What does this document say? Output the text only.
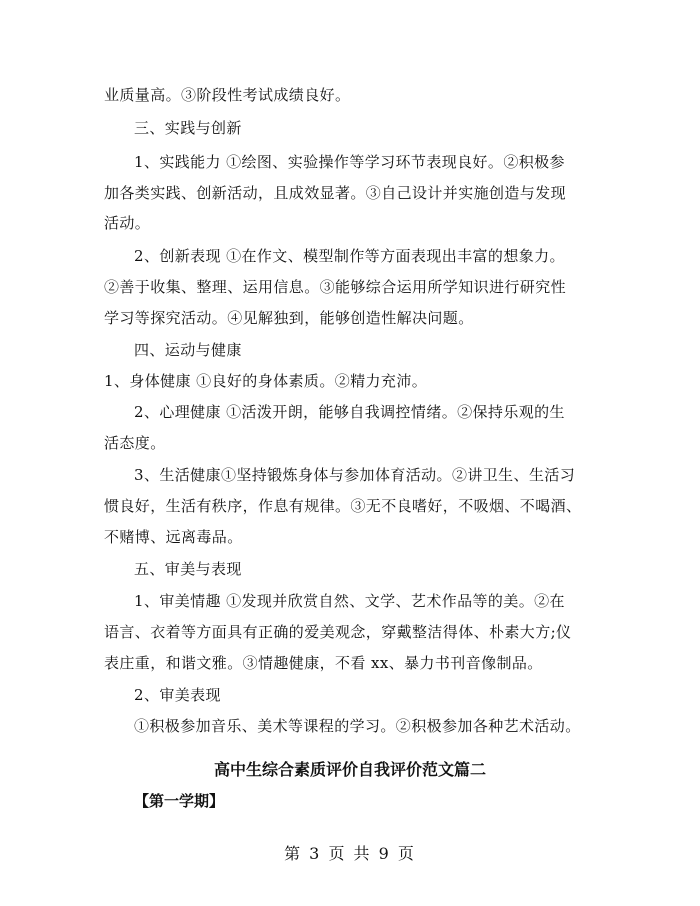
业质量高。③阶段性考试成绩良好。
三、实践与创新
1、实践能力 ①绘图、实验操作等学习环节表现良好。②积极参
加各类实践、创新活动，且成效显著。③自己设计并实施创造与发现
活动。
2、创新表现 ①在作文、模型制作等方面表现出丰富的想象力。
②善于收集、整理、运用信息。③能够综合运用所学知识进行研究性
学习等探究活动。④见解独到，能够创造性解决问题。
四、运动与健康
1、身体健康 ①良好的身体素质。②精力充沛。
2、心理健康 ①活泼开朗，能够自我调控情绪。②保持乐观的生
活态度。
3、生活健康①坚持锻炼身体与参加体育活动。②讲卫生、生活习
惯良好，生活有秩序，作息有规律。③无不良嗜好，不吸烟、不喝酒、
不赌博、远离毒品。
五、审美与表现
1、审美情趣 ①发现并欣赏自然、文学、艺术作品等的美。②在
语言、衣着等方面具有正确的爱美观念，穿戴整洁得体、朴素大方;仪
表庄重，和谐文雅。③情趣健康，不看 xx、暴力书刊音像制品。
2、审美表现
①积极参加音乐、美术等课程的学习。②积极参加各种艺术活动。
高中生综合素质评价自我评价范文篇二
【第一学期】
第 3 页 共 9 页
